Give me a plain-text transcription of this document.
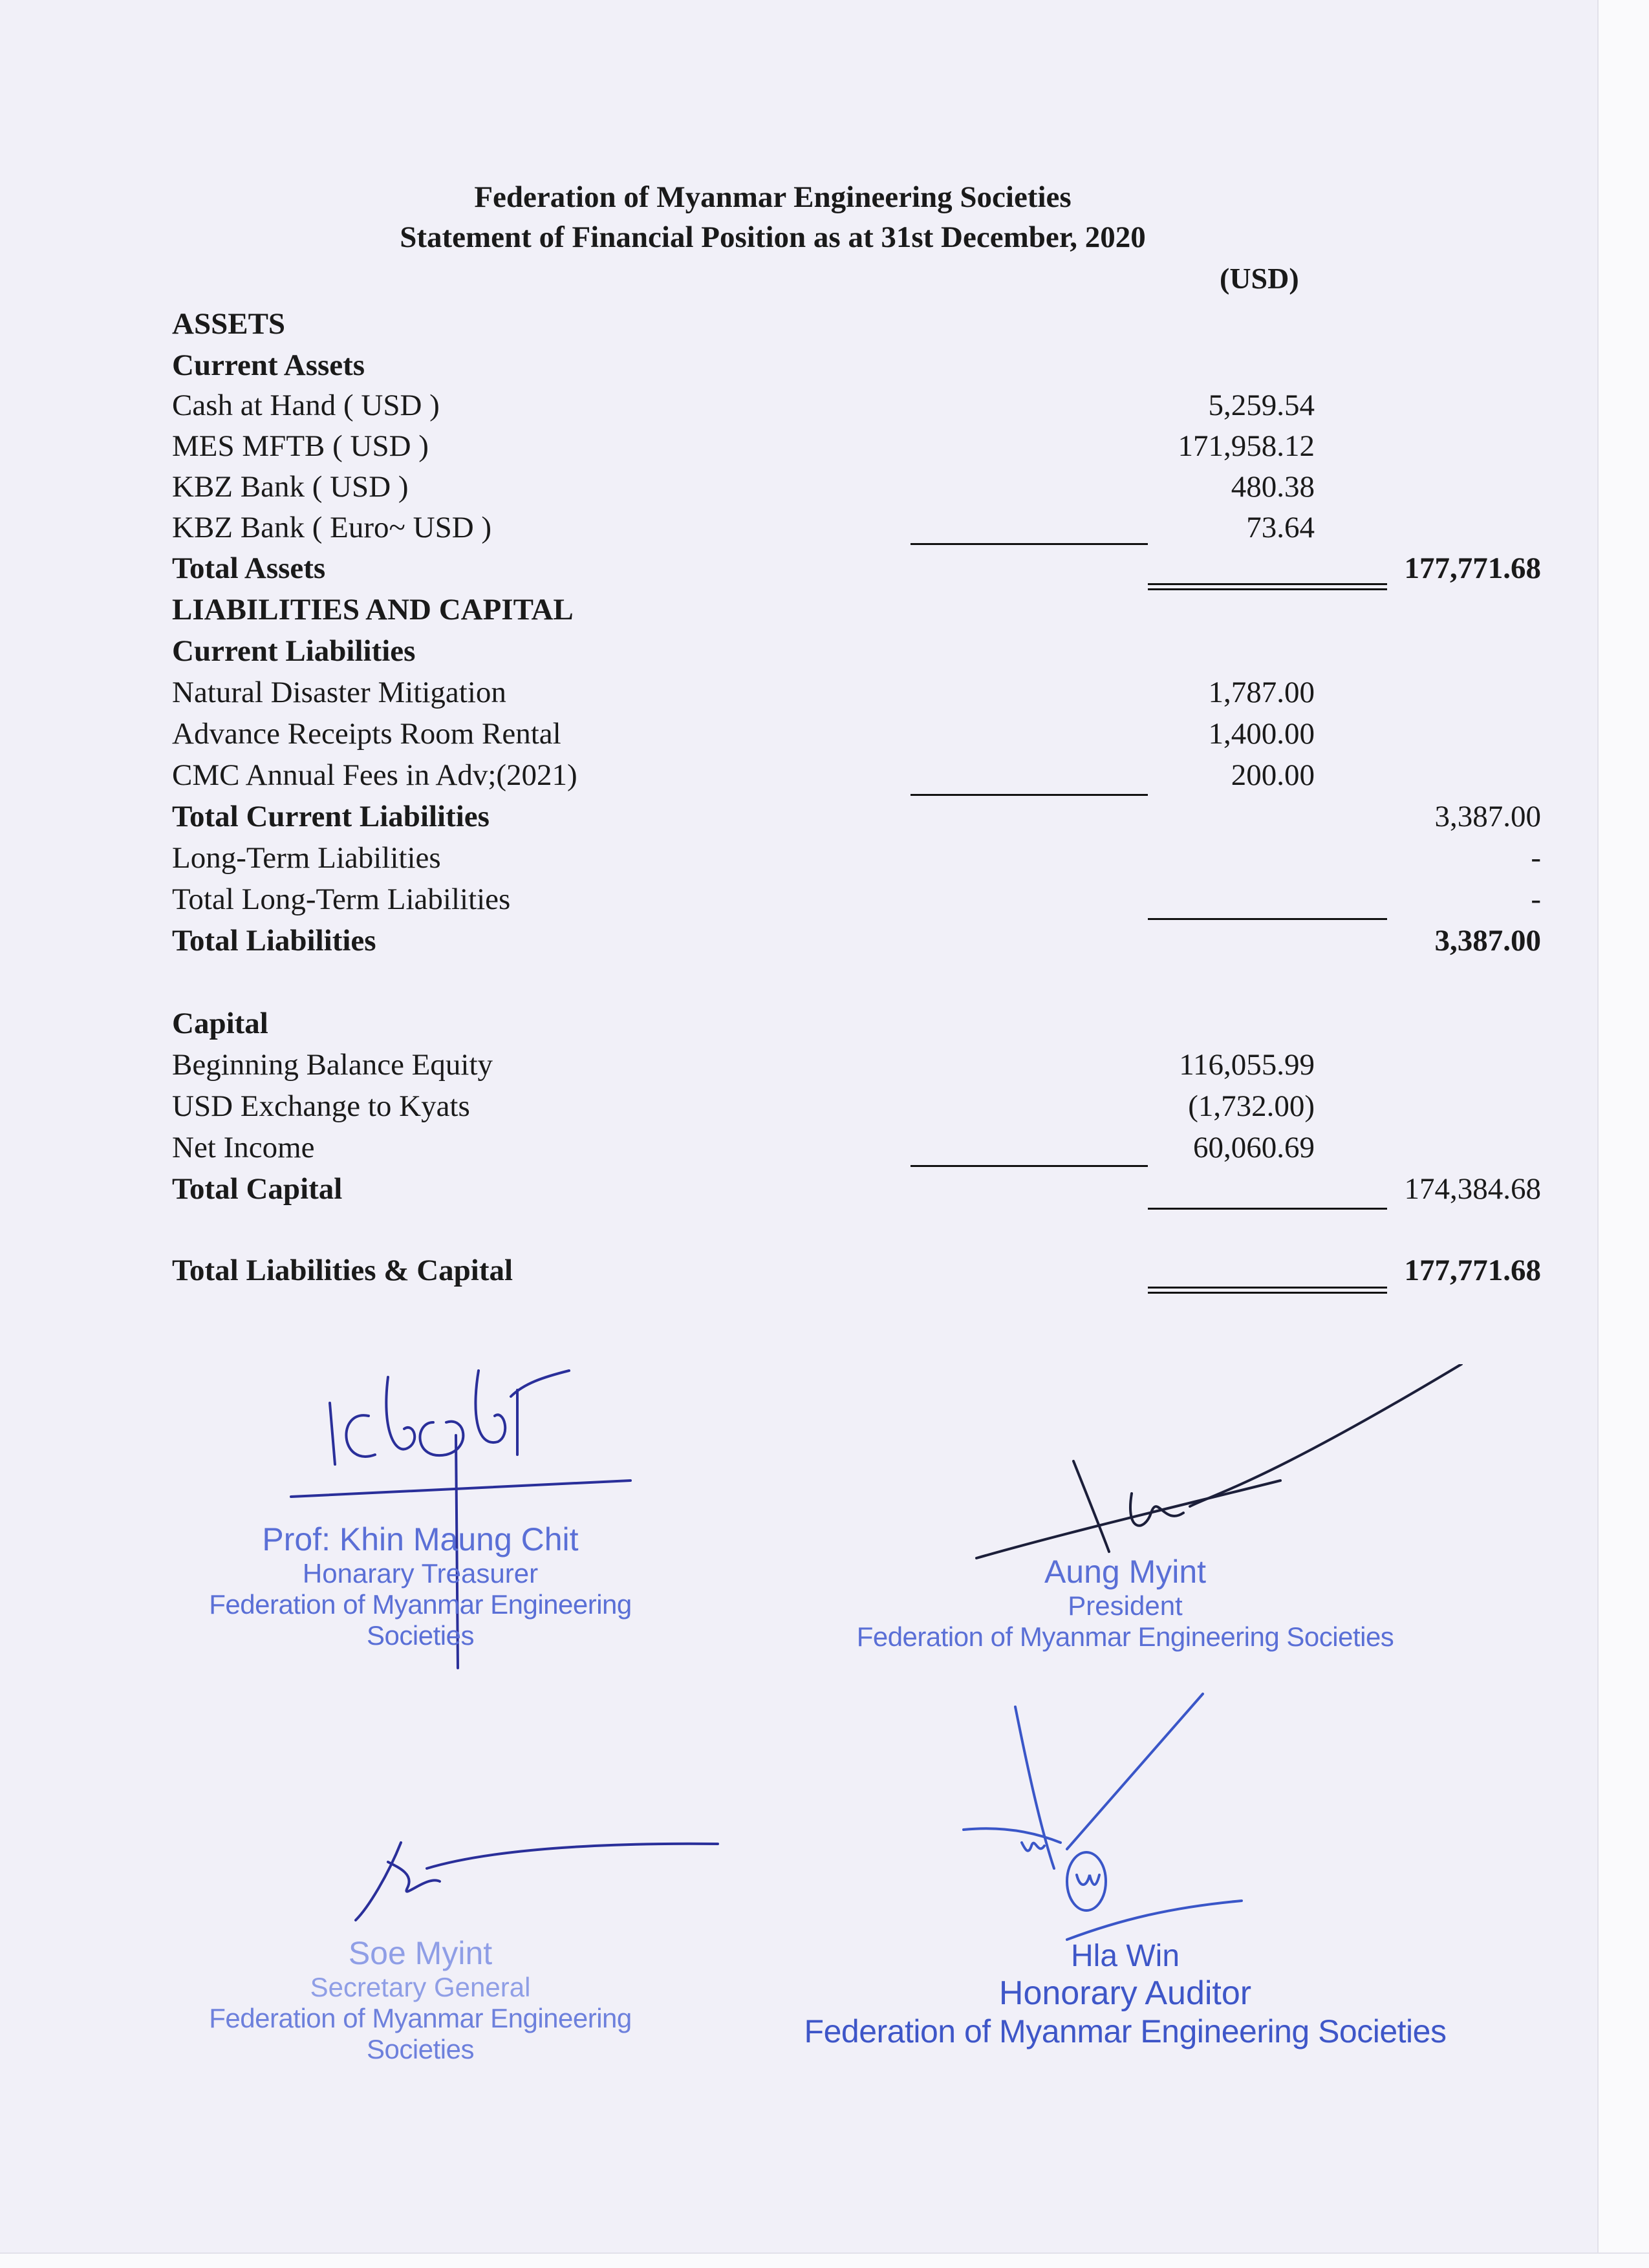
Federation of Myanmar Engineering Societies
Statement of Financial Position as at 31st December, 2020
(USD)
ASSETS
Current Assets
Cash at Hand ( USD )	5,259.54
MES MFTB ( USD )	171,958.12
KBZ Bank ( USD )	480.38
KBZ Bank ( Euro~ USD )	73.64
Total Assets	177,771.68
LIABILITIES AND CAPITAL
Current Liabilities
Natural Disaster Mitigation	1,787.00
Advance Receipts Room Rental	1,400.00
CMC Annual Fees in Adv;(2021)	200.00
Total Current Liabilities	3,387.00
Long-Term Liabilities	-
Total Long-Term Liabilities	-
Total Liabilities	3,387.00
Capital
Beginning Balance Equity	116,055.99
USD Exchange to Kyats	(1,732.00)
Net Income	60,060.69
Total Capital	174,384.68
Total Liabilities & Capital	177,771.68
Prof: Khin Maung Chit
Honarary Treasurer
Federation of Myanmar Engineering Societies
Aung Myint
President
Federation of Myanmar Engineering Societies
Soe Myint
Secretary General
Federation of Myanmar Engineering Societies
Hla Win
Honorary Auditor
Federation of Myanmar Engineering Societies
